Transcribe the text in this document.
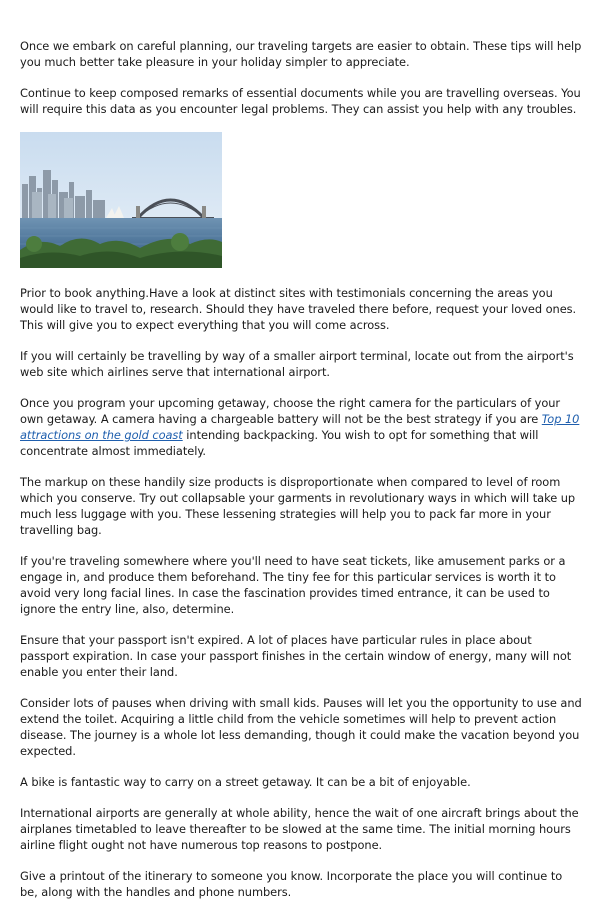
Once we embark on careful planning, our traveling targets are easier to obtain. These tips will help you much better take pleasure in your holiday simpler to appreciate.

Continue to keep composed remarks of essential documents while you are travelling overseas. You will require this data as you encounter legal problems. They can assist you help with any troubles.

Prior to book anything.Have a look at distinct sites with testimonials concerning the areas you would like to travel to, research. Should they have traveled there before, request your loved ones. This will give you to expect everything that you will come across.

If you will certainly be travelling by way of a smaller airport terminal, locate out from the airport's web site which airlines serve that international airport.

Once you program your upcoming getaway, choose the right camera for the particulars of your own getaway. A camera having a chargeable battery will not be the best strategy if you are Top 10 attractions on the gold coast intending backpacking. You wish to opt for something that will concentrate almost immediately.

The markup on these handily size products is disproportionate when compared to level of room which you conserve. Try out collapsable your garments in revolutionary ways in which will take up much less luggage with you. These lessening strategies will help you to pack far more in your travelling bag.

If you're traveling somewhere where you'll need to have seat tickets, like amusement parks or a engage in, and produce them beforehand. The tiny fee for this particular services is worth it to avoid very long facial lines. In case the fascination provides timed entrance, it can be used to ignore the entry line, also, determine.

Ensure that your passport isn't expired. A lot of places have particular rules in place about passport expiration. In case your passport finishes in the certain window of energy, many will not enable you enter their land.

Consider lots of pauses when driving with small kids. Pauses will let you the opportunity to use and extend the toilet. Acquiring a little child from the vehicle sometimes will help to prevent action disease. The journey is a whole lot less demanding, though it could make the vacation beyond you expected.

A bike is fantastic way to carry on a street getaway. It can be a bit of enjoyable.

International airports are generally at whole ability, hence the wait of one aircraft brings about the airplanes timetabled to leave thereafter to be slowed at the same time. The initial morning hours airline flight ought not have numerous top reasons to postpone.

Give a printout of the itinerary to someone you know. Incorporate the place you will continue to be, along with the handles and phone numbers.
